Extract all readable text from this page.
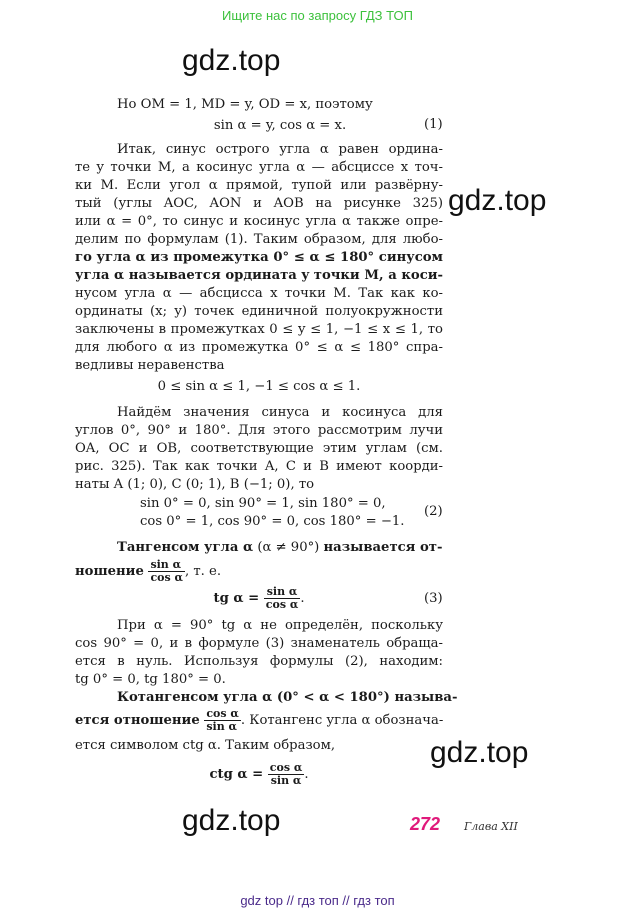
Ищите нас по запросу ГДЗ ТОП
gdz.top
gdz.top
gdz.top
gdz.top
Но OM = 1, MD = y, OD = x, поэтому
sin α = y, cos α = x.	(1)
Итак, синус острого угла α равен ордина-
те y точки M, а косинус угла α — абсциссе x точ-
ки M. Если угол α прямой, тупой или развёрну-
тый (углы AOC, AON и AOB на рисунке 325)
или α = 0°, то синус и косинус угла α также опре-
делим по формулам (1). Таким образом, для любо-
го угла α из промежутка 0° ≤ α ≤ 180° синусом
угла α называется ордината y точки M, а коси-
нусом угла α — абсцисса x точки M. Так как ко-
ординаты (x; y) точек единичной полуокружности
заключены в промежутках 0 ≤ y ≤ 1, −1 ≤ x ≤ 1, то
для любого α из промежутка 0° ≤ α ≤ 180° спра-
ведливы неравенства
0 ≤ sin α ≤ 1, −1 ≤ cos α ≤ 1.
Найдём значения синуса и косинуса для
углов 0°, 90° и 180°. Для этого рассмотрим лучи
OA, OC и OB, соответствующие этим углам (см.
рис. 325). Так как точки A, C и B имеют коорди-
наты A (1; 0), C (0; 1), B (−1; 0), то
sin 0° = 0, sin 90° = 1, sin 180° = 0,
cos 0° = 1, cos 90° = 0, cos 180° = −1.
(2)
Тангенсом угла α (α ≠ 90°) называется от-
ношение $\frac{\text{sin α}}{\text{cos α}}$ , т. е.
tg $\alpha = \frac{\text{sin α}}{\text{cos α}}$ .	(3)
При α = 90° tg α не определён, поскольку
cos 90° = 0, и в формуле (3) знаменатель обраща-
ется в нуль. Используя формулы (2), находим:
tg 0° = 0, tg 180° = 0.
Котангенсом угла α (0° < α < 180°) называ-
ется отношение $\frac{\text{cos α}}{\text{sin α}}$ . Котангенс угла α обознача-
ется символом ctg α. Таким образом,
ctg $\alpha = \frac{\text{cos α}}{\text{sin α}}$ .
272 Глава XII
gdz top // гдз топ // гдз топ
